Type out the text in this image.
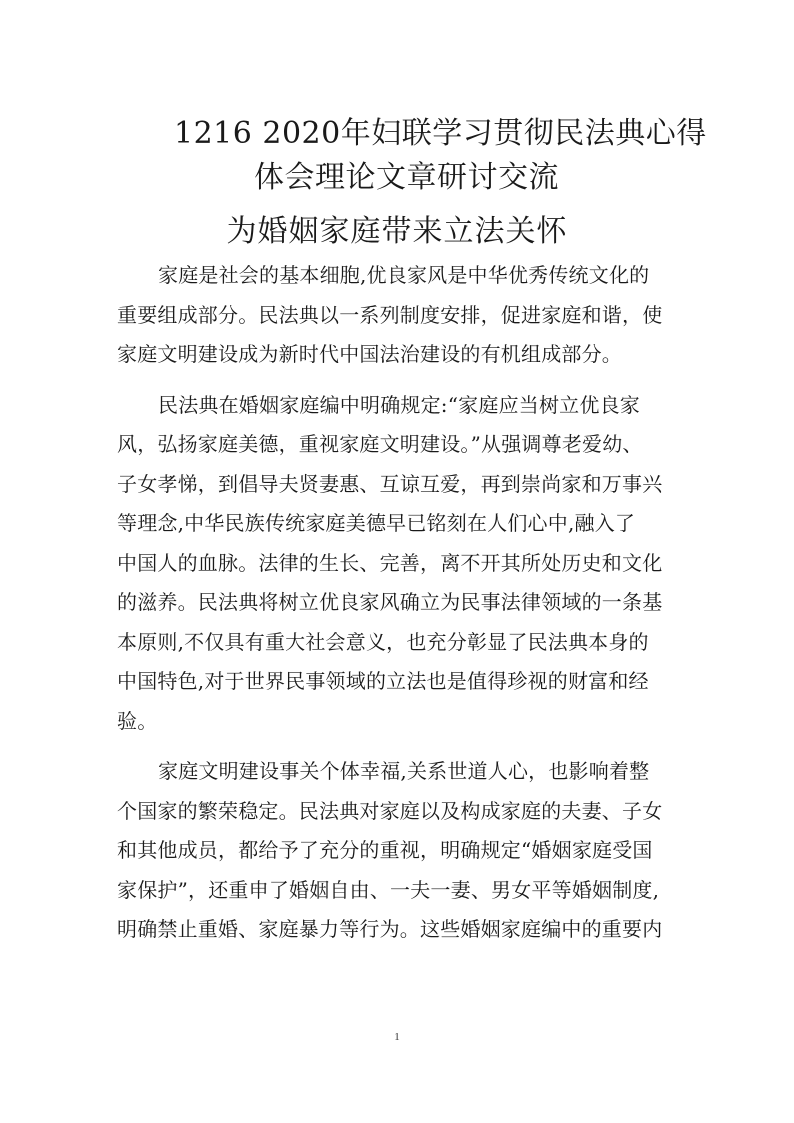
1216 2020年妇联学习贯彻民法典心得
体会理论文章研讨交流
为婚姻家庭带来立法关怀
家庭是社会的基本细胞,优良家风是中华优秀传统文化的
重要组成部分。民法典以一系列制度安排，促进家庭和谐，使
家庭文明建设成为新时代中国法治建设的有机组成部分。
民法典在婚姻家庭编中明确规定:“家庭应当树立优良家
风，弘扬家庭美德，重视家庭文明建设。”从强调尊老爱幼、
子女孝悌，到倡导夫贤妻惠、互谅互爱，再到崇尚家和万事兴
等理念,中华民族传统家庭美德早已铭刻在人们心中,融入了
中国人的血脉。法律的生长、完善，离不开其所处历史和文化
的滋养。民法典将树立优良家风确立为民事法律领域的一条基
本原则,不仅具有重大社会意义，也充分彰显了民法典本身的
中国特色,对于世界民事领域的立法也是值得珍视的财富和经
验。
家庭文明建设事关个体幸福,关系世道人心，也影响着整
个国家的繁荣稳定。民法典对家庭以及构成家庭的夫妻、子女
和其他成员，都给予了充分的重视，明确规定“婚姻家庭受国
家保护”，还重申了婚姻自由、一夫一妻、男女平等婚姻制度,
明确禁止重婚、家庭暴力等行为。这些婚姻家庭编中的重要内
1
